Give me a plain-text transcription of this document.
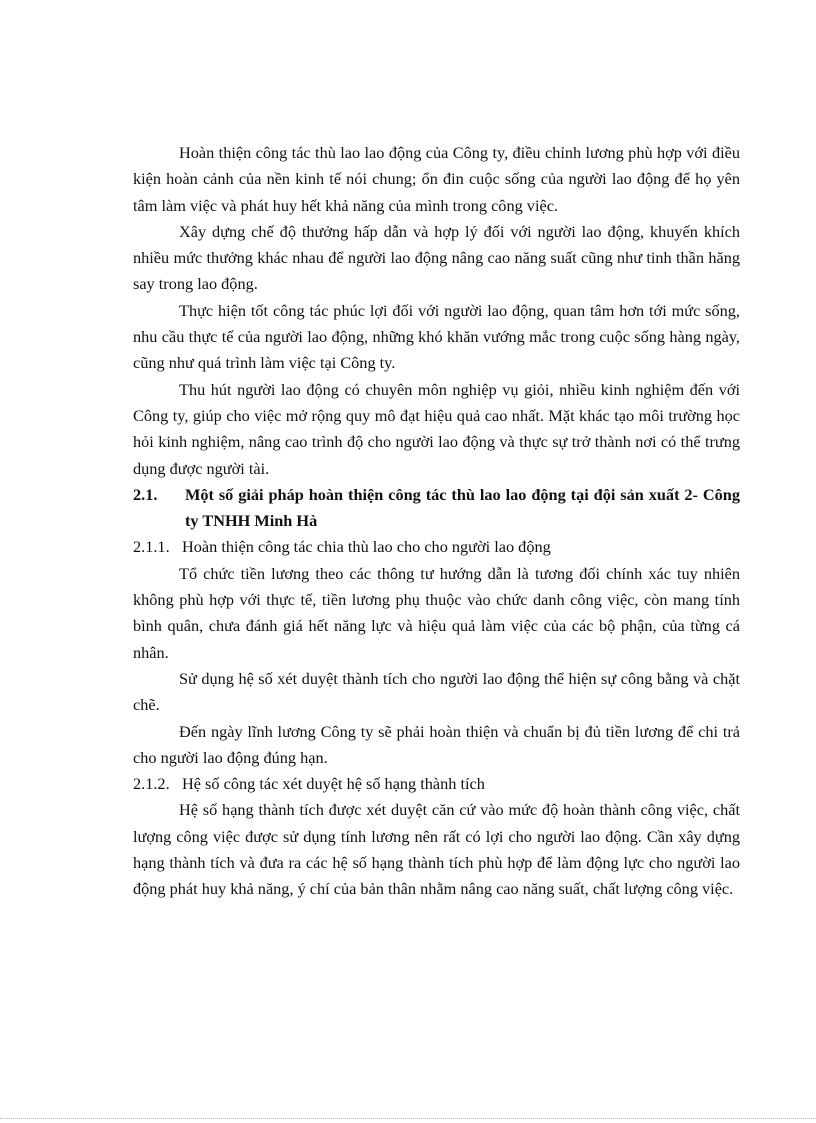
Hoàn thiện công tác thù lao lao động của Công ty, điều chỉnh lương phù hợp với điều kiện hoàn cảnh của nền kinh tế nói chung; ổn đin cuộc sống của người lao động để họ yên tâm làm việc và phát huy hết khả năng của mình trong công việc.

Xây dựng chế độ thưởng hấp dẫn và hợp lý đối với người lao động, khuyến khích nhiều mức thưởng khác nhau để người lao động nâng cao năng suất cũng như tinh thần hăng say trong lao động.

Thực hiện tốt công tác phúc lợi đối với người lao động, quan tâm hơn tới mức sống, nhu cầu thực tế của người lao động, những khó khăn vướng mắc trong cuộc sống hàng ngày, cũng như quá trình làm việc tại Công ty.

Thu hút người lao động có chuyên môn nghiệp vụ giỏi, nhiều kinh nghiệm đến với Công ty, giúp cho việc mở rộng quy mô đạt hiệu quả cao nhất. Mặt khác tạo môi trường học hỏi kinh nghiệm, nâng cao trình độ cho người lao động và thực sự trở thành nơi có thể trưng dụng được người tài.

2.1. Một số giải pháp hoàn thiện công tác thù lao lao động tại đội sản xuất 2- Công ty TNHH Minh Hà
2.1.1. Hoàn thiện công tác chia thù lao cho cho người lao động

Tổ chức tiền lương theo các thông tư hướng dẫn là tương đối chính xác tuy nhiên không phù hợp với thực tế, tiền lương phụ thuộc vào chức danh công việc, còn mang tính bình quân, chưa đánh giá hết năng lực và hiệu quả làm việc của các bộ phận, của từng cá nhân.

Sử dụng hệ số xét duyệt thành tích cho người lao động thể hiện sự công bằng và chặt chẽ.

Đến ngày lĩnh lương Công ty sẽ phải hoàn thiện và chuẩn bị đủ tiền lương để chi trả cho người lao động đúng hạn.

2.1.2. Hệ số công tác xét duyệt hệ số hạng thành tích

Hệ số hạng thành tích được xét duyệt căn cứ vào mức độ hoàn thành công việc, chất lượng công việc được sử dụng tính lương nên rất có lợi cho người lao động. Cần xây dựng hạng thành tích và đưa ra các hệ số hạng thành tích phù hợp để làm động lực cho người lao động phát huy khả năng, ý chí của bản thân nhằm nâng cao năng suất, chất lượng công việc.
